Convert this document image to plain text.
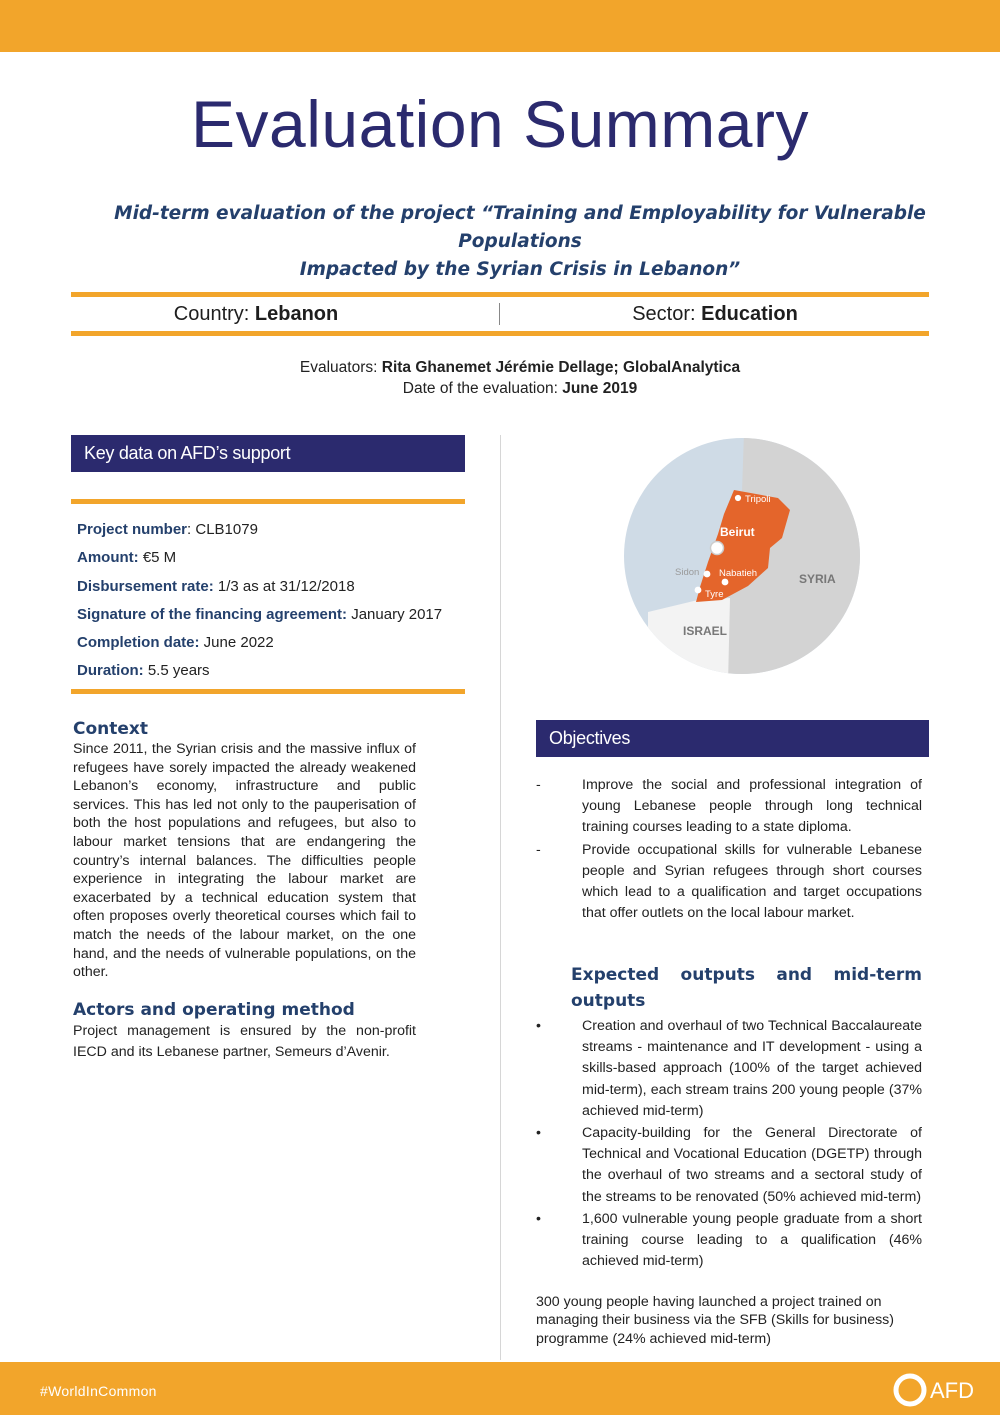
Evaluation Summary
Mid-term evaluation of the project “Training and Employability for Vulnerable Populations
Impacted by the Syrian Crisis in Lebanon”
Country: Lebanon	Sector: Education
Evaluators: Rita Ghanemet Jérémie Dellage; GlobalAnalytica
Date of the evaluation: June 2019
Key data on AFD’s support
Project number: CLB1079
Amount: €5 M
Disbursement rate: 1/3 as at 31/12/2018
Signature of the financing agreement: January 2017
Completion date: June 2022
Duration: 5.5 years
Tripoli
Beirut
Sidon Nabatieh
Tyre
SYRIA
ISRAEL
Context

Since 2011, the Syrian crisis and the massive influx of refugees have sorely impacted the already weakened Lebanon’s economy, infrastructure and public services. This has led not only to the pauperisation of both the host populations and refugees, but also to labour market tensions that are endangering the country’s internal balances. The difficulties people experience in integrating the labour market are exacerbated by a technical education system that often proposes overly theoretical courses which fail to match the needs of the labour market, on the one hand, and the needs of vulnerable populations, on the other.

Actors and operating method

Project management is ensured by the non-profit IECD and its Lebanese partner, Semeurs d’Avenir.

Objectives
-	Improve the social and professional integration of young Lebanese people through long technical training courses leading to a state diploma.
-	Provide occupational skills for vulnerable Lebanese people and Syrian refugees through short courses which lead to a qualification and target occupations that offer outlets on the local labour market.
Expected outputs and mid-term
outputs
•	Creation and overhaul of two Technical Baccalaureate streams - maintenance and IT development - using a skills-based approach (100% of the target achieved mid-term), each stream trains 200 young people (37% achieved mid-term)
•	Capacity-building for the General Directorate of Technical and Vocational Education (DGETP) through the overhaul of two streams and a sectoral study of the streams to be renovated (50% achieved mid-term)
•	1,600 vulnerable young people graduate from a short training course leading to a qualification (46% achieved mid-term)

300 young people having launched a project trained on managing their business via the SFB (Skills for business) programme (24% achieved mid-term)

#WorldInCommon	AFD
